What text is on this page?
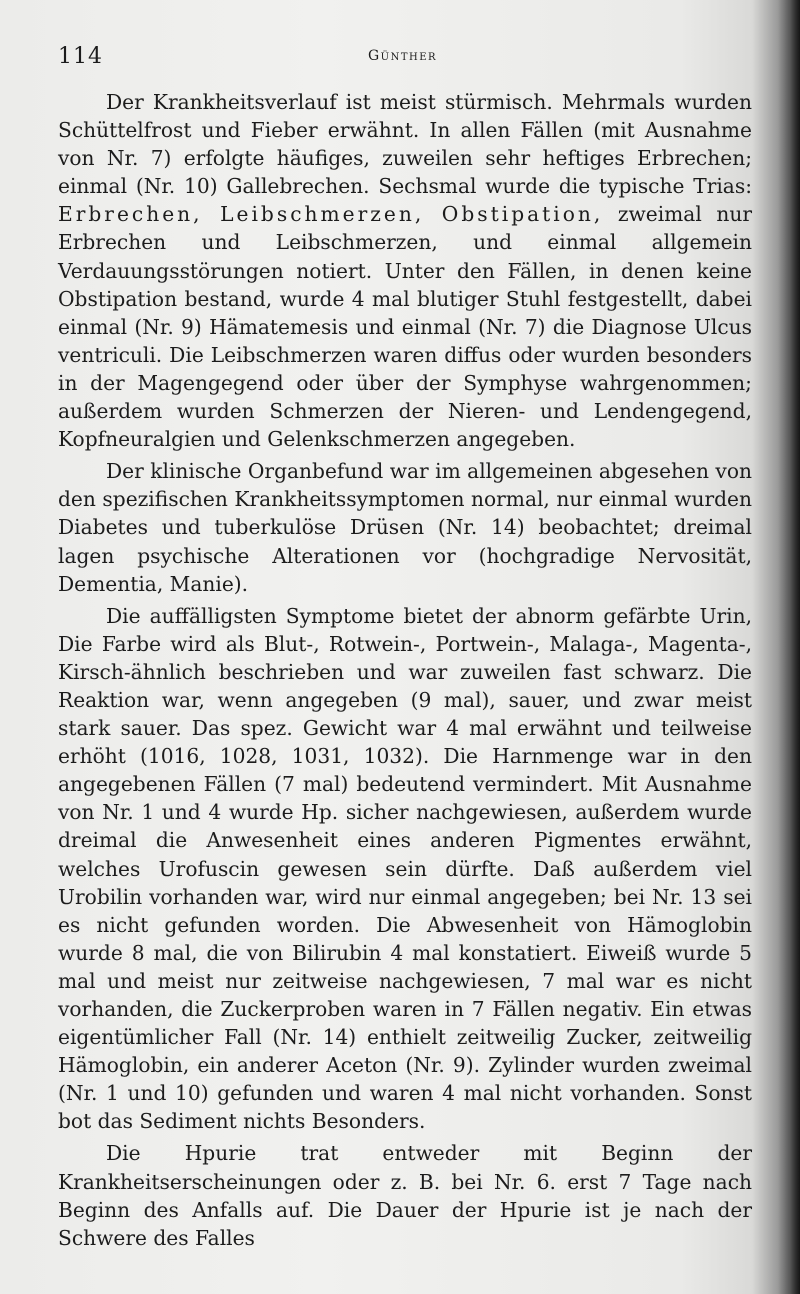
114	Günther

Der Krankheitsverlauf ist meist stürmisch. Mehrmals wurden Schüttelfrost und Fieber erwähnt. In allen Fällen (mit Ausnahme von Nr. 7) erfolgte häufiges, zuweilen sehr heftiges Erbrechen; einmal (Nr. 10) Gallebrechen. Sechsmal wurde die typische Trias: Erbrechen, Leibschmerzen, Obstipation, zweimal nur Erbrechen und Leibschmerzen, und einmal allgemein Verdauungsstörungen notiert. Unter den Fällen, in denen keine Obstipation bestand, wurde 4 mal blutiger Stuhl festgestellt, dabei einmal (Nr. 9) Hämatemesis und einmal (Nr. 7) die Diagnose Ulcus ventriculi. Die Leibschmerzen waren diffus oder wurden besonders in der Magengegend oder über der Symphyse wahrgenommen; außerdem wurden Schmerzen der Nieren- und Lendengegend, Kopfneuralgien und Gelenkschmerzen angegeben.

Der klinische Organbefund war im allgemeinen abgesehen von den spezifischen Krankheitssymptomen normal, nur einmal wurden Diabetes und tuberkulöse Drüsen (Nr. 14) beobachtet; dreimal lagen psychische Alterationen vor (hochgradige Nervosität, Dementia, Manie).

Die auffälligsten Symptome bietet der abnorm gefärbte Urin, Die Farbe wird als Blut-, Rotwein-, Portwein-, Malaga-, Magenta-, Kirsch-ähnlich beschrieben und war zuweilen fast schwarz. Die Reaktion war, wenn angegeben (9 mal), sauer, und zwar meist stark sauer. Das spez. Gewicht war 4 mal erwähnt und teilweise erhöht (1016, 1028, 1031, 1032). Die Harnmenge war in den angegebenen Fällen (7 mal) bedeutend vermindert. Mit Ausnahme von Nr. 1 und 4 wurde Hp. sicher nachgewiesen, außerdem wurde dreimal die Anwesenheit eines anderen Pigmentes erwähnt, welches Urofuscin gewesen sein dürfte. Daß außerdem viel Urobilin vorhanden war, wird nur einmal angegeben; bei Nr. 13 sei es nicht gefunden worden. Die Abwesenheit von Hämoglobin wurde 8 mal, die von Bilirubin 4 mal konstatiert. Eiweiß wurde 5 mal und meist nur zeitweise nachgewiesen, 7 mal war es nicht vorhanden, die Zuckerproben waren in 7 Fällen negativ. Ein etwas eigentümlicher Fall (Nr. 14) enthielt zeitweilig Zucker, zeitweilig Hämoglobin, ein anderer Aceton (Nr. 9). Zylinder wurden zweimal (Nr. 1 und 10) gefunden und waren 4 mal nicht vorhanden. Sonst bot das Sediment nichts Besonders.

Die Hpurie trat entweder mit Beginn der Krankheitserscheinungen oder z. B. bei Nr. 6. erst 7 Tage nach Beginn des Anfalls auf. Die Dauer der Hpurie ist je nach der Schwere des Falles
